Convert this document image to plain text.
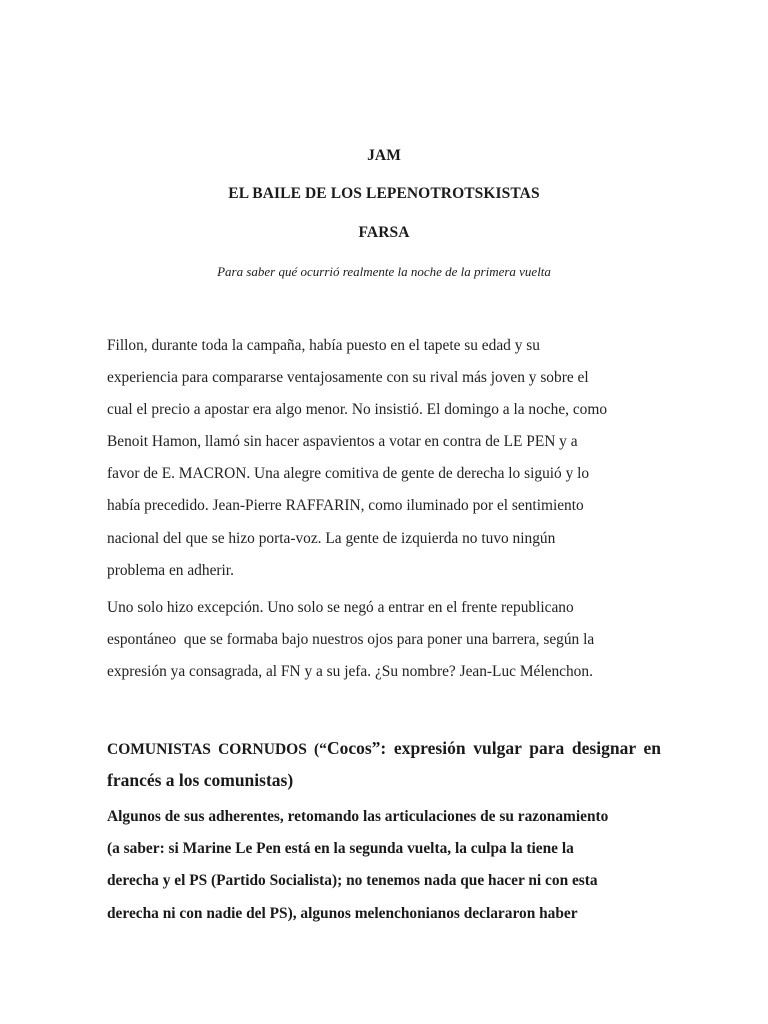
JAM
EL BAILE DE LOS LEPENOTROTSKISTAS
FARSA
Para saber qué ocurrió realmente la noche de la primera vuelta
Fillon, durante toda la campaña, había puesto en el tapete su edad y su
experiencia para compararse ventajosamente con su rival más joven y sobre el
cual el precio a apostar era algo menor. No insistió. El domingo a la noche, como
Benoit Hamon, llamó sin hacer aspavientos a votar en contra de LE PEN y a
favor de E. MACRON. Una alegre comitiva de gente de derecha lo siguió y lo
había precedido. Jean-Pierre RAFFARIN, como iluminado por el sentimiento
nacional del que se hizo porta-voz. La gente de izquierda no tuvo ningún
problema en adherir.
Uno solo hizo excepción. Uno solo se negó a entrar en el frente republicano
espontáneo  que se formaba bajo nuestros ojos para poner una barrera, según la
expresión ya consagrada, al FN y a su jefa. ¿Su nombre? Jean-Luc Mélenchon.
COMUNISTAS CORNUDOS (“Cocos”: expresión vulgar para designar en francés a los comunistas)
Algunos de sus adherentes, retomando las articulaciones de su razonamiento
(a saber: si Marine Le Pen está en la segunda vuelta, la culpa la tiene la
derecha y el PS (Partido Socialista); no tenemos nada que hacer ni con esta
derecha ni con nadie del PS), algunos melenchonianos declararon haber
